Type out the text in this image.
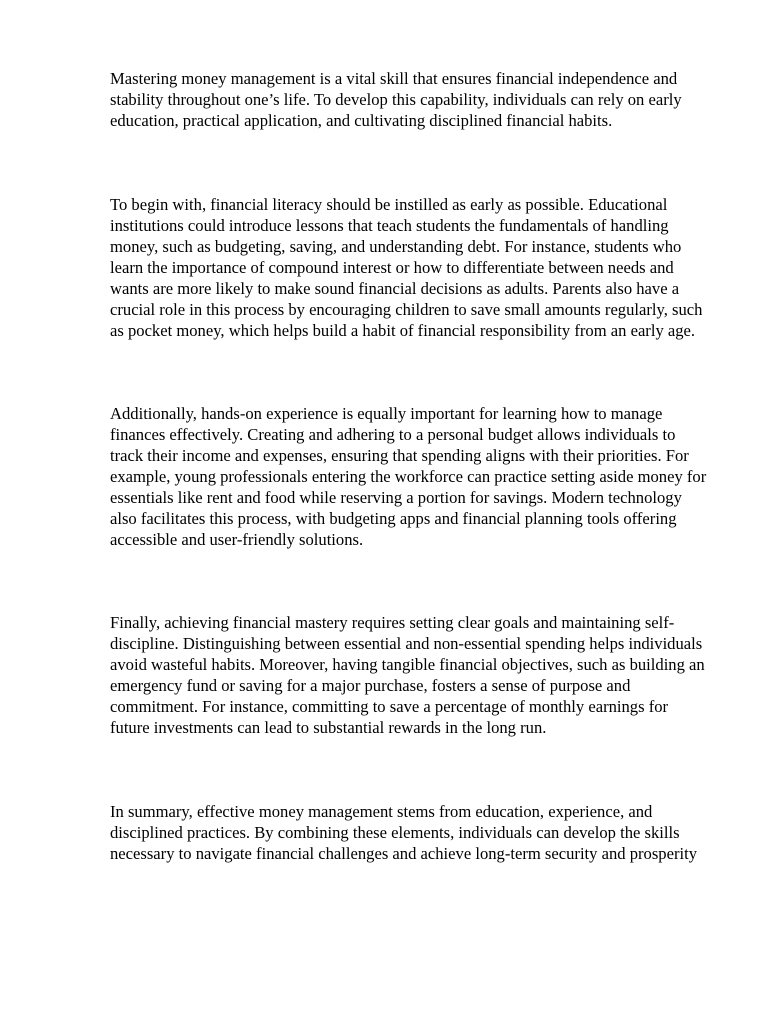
Mastering money management is a vital skill that ensures financial independence and stability throughout one’s life. To develop this capability, individuals can rely on early education, practical application, and cultivating disciplined financial habits.

To begin with, financial literacy should be instilled as early as possible. Educational institutions could introduce lessons that teach students the fundamentals of handling money, such as budgeting, saving, and understanding debt. For instance, students who learn the importance of compound interest or how to differentiate between needs and wants are more likely to make sound financial decisions as adults. Parents also have a crucial role in this process by encouraging children to save small amounts regularly, such as pocket money, which helps build a habit of financial responsibility from an early age.

Additionally, hands-on experience is equally important for learning how to manage finances effectively. Creating and adhering to a personal budget allows individuals to track their income and expenses, ensuring that spending aligns with their priorities. For example, young professionals entering the workforce can practice setting aside money for essentials like rent and food while reserving a portion for savings. Modern technology also facilitates this process, with budgeting apps and financial planning tools offering accessible and user-friendly solutions.

Finally, achieving financial mastery requires setting clear goals and maintaining self-discipline. Distinguishing between essential and non-essential spending helps individuals avoid wasteful habits. Moreover, having tangible financial objectives, such as building an emergency fund or saving for a major purchase, fosters a sense of purpose and commitment. For instance, committing to save a percentage of monthly earnings for future investments can lead to substantial rewards in the long run.

In summary, effective money management stems from education, experience, and disciplined practices. By combining these elements, individuals can develop the skills necessary to navigate financial challenges and achieve long-term security and prosperity
